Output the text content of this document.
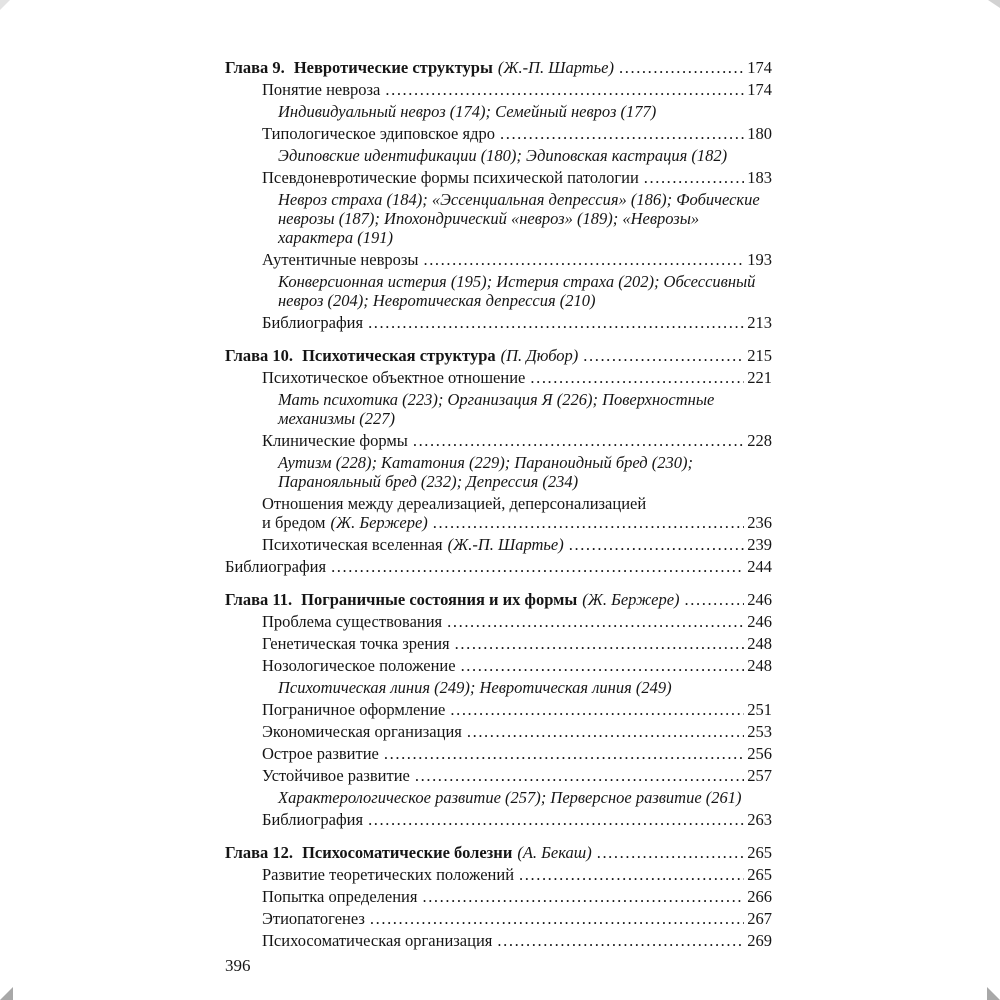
Глава 9. Невротические структуры (Ж.-П. Шартье) .....	174
Понятие невроза .....	174
Индивидуальный невроз (174); Семейный невроз (177)
Типологическое эдиповское ядро .....	180
Эдиповские идентификации (180); Эдиповская кастрация (182)
Псевдоневротические формы психической патологии .....	183
Невроз страха (184); «Эссенциальная депрессия» (186); Фобические неврозы (187); Ипохондрический «невроз» (189); «Неврозы» характера (191)
Аутентичные неврозы .....	193
Конверсионная истерия (195); Истерия страха (202); Обсессивный невроз (204); Невротическая депрессия (210)
Библиография .....	213
Глава 10. Психотическая структура (П. Дюбор) .....	215
Психотическое объектное отношение .....	221
Мать психотика (223); Организация Я (226); Поверхностные механизмы (227)
Клинические формы .....	228
Аутизм (228); Кататония (229); Параноидный бред (230); Паранояльный бред (232); Депрессия (234)
Отношения между дереализацией, деперсонализацией
и бредом (Ж. Бержере) .....	236
Психотическая вселенная (Ж.-П. Шартье) .....	239
Библиография .....	244
Глава 11. Пограничные состояния и их формы (Ж. Бержере) .....	246
Проблема существования .....	246
Генетическая точка зрения .....	248
Нозологическое положение .....	248
Психотическая линия (249); Невротическая линия (249)
Пограничное оформление .....	251
Экономическая организация .....	253
Острое развитие .....	256
Устойчивое развитие .....	257
Характерологическое развитие (257); Перверсное развитие (261)
Библиография .....	263
Глава 12. Психосоматические болезни (А. Бекаш) .....	265
Развитие теоретических положений .....	265
Попытка определения .....	266
Этиопатогенез .....	267
Психосоматическая организация .....	269
396
